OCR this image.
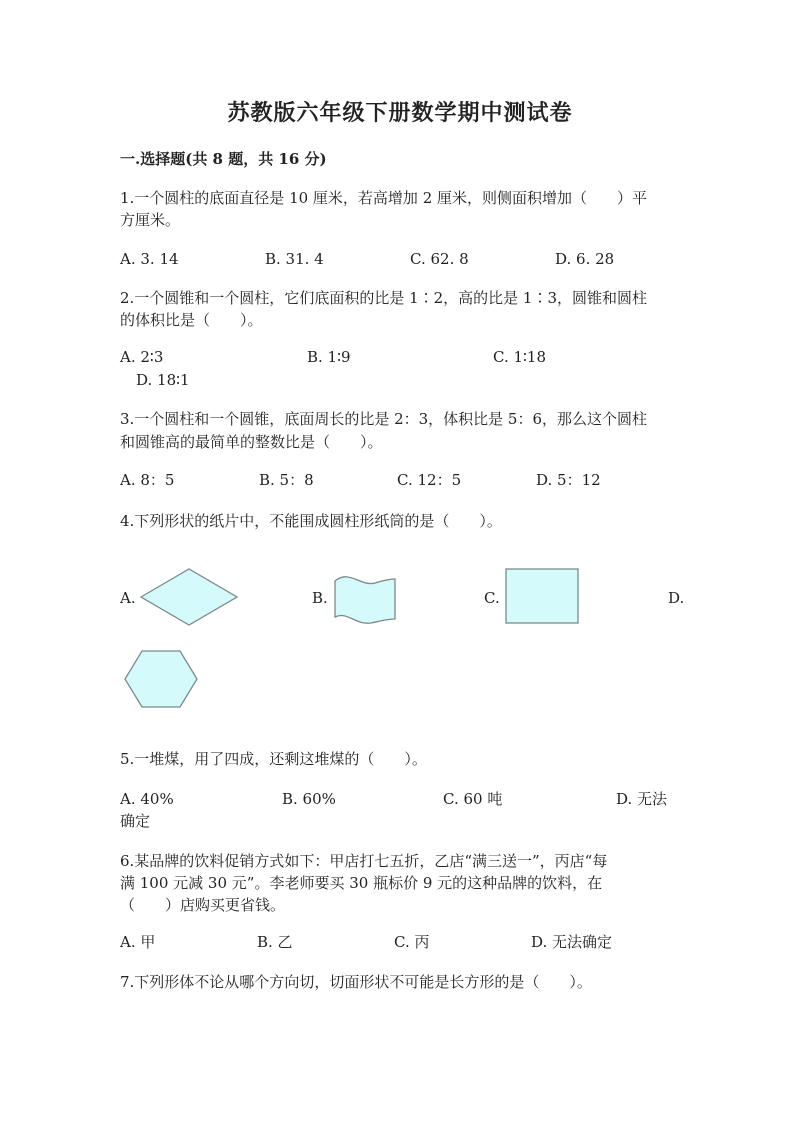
苏教版六年级下册数学期中测试卷
一.选择题(共 8 题，共 16 分)
1.一个圆柱的底面直径是 10 厘米，若高增加 2 厘米，则侧面积增加（　　）平
方厘米。
A. 3. 14	B. 31. 4	C. 62. 8	D. 6. 28
2.一个圆锥和一个圆柱，它们底面积的比是 1∶2，高的比是 1∶3，圆锥和圆柱
的体积比是（　　）。
A. 2∶3	B. 1∶9	C. 1∶18
D. 18∶1
3.一个圆柱和一个圆锥，底面周长的比是 2：3，体积比是 5：6，那么这个圆柱
和圆锥高的最简单的整数比是（　　）。
A. 8：5	B. 5：8	C. 12：5	D. 5：12
4.下列形状的纸片中，不能围成圆柱形纸筒的是（　　）。
A.	B.	C.	D.
5.一堆煤，用了四成，还剩这堆煤的（　　）。
A. 40%	B. 60%	C. 60 吨	D. 无法
确定
6.某品牌的饮料促销方式如下：甲店打七五折，乙店“满三送一”，丙店“每
满 100 元减 30 元”。李老师要买 30 瓶标价 9 元的这种品牌的饮料，在
（　　）店购买更省钱。
A. 甲	B. 乙	C. 丙	D. 无法确定
7.下列形体不论从哪个方向切，切面形状不可能是长方形的是（　　）。
